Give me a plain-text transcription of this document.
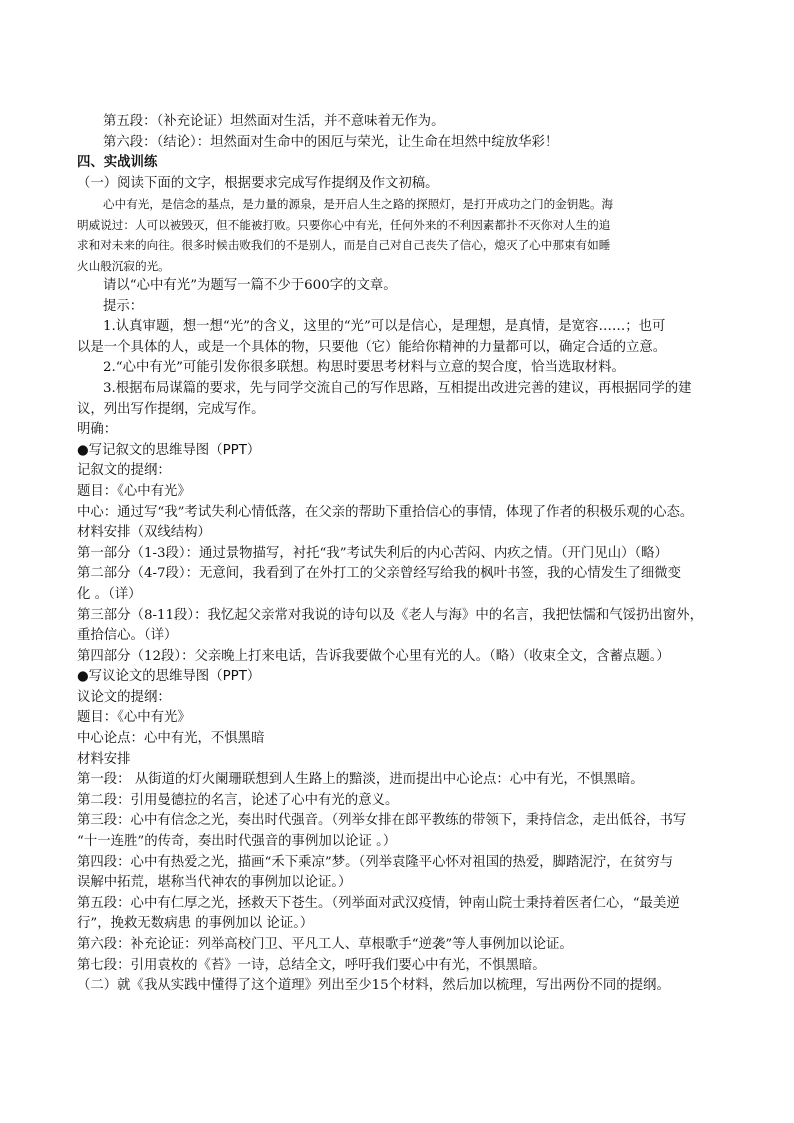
第五段：（补充论证）坦然面对生活，并不意味着无作为。
第六段：（结论）：坦然面对生命中的困厄与荣光，让生命在坦然中绽放华彩！
四、实战训练
（一）阅读下面的文字，根据要求完成写作提纲及作文初稿。
心中有光，是信念的基点，是力量的源泉，是开启人生之路的探照灯，是打开成功之门的金钥匙。海
明威说过：人可以被毁灭，但不能被打败。只要你心中有光，任何外来的不利因素都扑不灭你对人生的追
求和对未来的向往。很多时候击败我们的不是别人，而是自己对自己丧失了信心，熄灭了心中那束有如睡
火山般沉寂的光。
请以“心中有光”为题写一篇不少于600字的文章。
提示：
1.认真审题，想一想“光”的含义，这里的“光”可以是信心，是理想，是真情，是宽容……；也可
以是一个具体的人，或是一个具体的物，只要他（它）能给你精神的力量都可以，确定合适的立意。
2.“心中有光”可能引发你很多联想。构思时要思考材料与立意的契合度，恰当选取材料。
3.根据布局谋篇的要求，先与同学交流自己的写作思路，互相提出改进完善的建议，再根据同学的建
议，列出写作提纲，完成写作。
明确：
●写记叙文的思维导图（PPT）
记叙文的提纲：
题目：《心中有光》
中心：通过写“我”考试失利心情低落，在父亲的帮助下重拾信心的事情，体现了作者的积极乐观的心态。
材料安排（双线结构）
第一部分（1-3段）：通过景物描写，衬托“我”考试失利后的内心苦闷、内疚之情。（开门见山）（略）
第二部分（4-7段）：无意间，我看到了在外打工的父亲曾经写给我的枫叶书签，我的心情发生了细微变
化 。（详）
第三部分（8-11段）：我忆起父亲常对我说的诗句以及《老人与海》中的名言，我把怯懦和气馁扔出窗外，
重拾信心。（详）
第四部分（12段）：父亲晚上打来电话，告诉我要做个心里有光的人。（略）（收束全文，含蓄点题。）
●写议论文的思维导图（PPT）
议论文的提纲：
题目：《心中有光》
中心论点：心中有光，不惧黑暗
材料安排
第一段： 从街道的灯火阑珊联想到人生路上的黯淡，进而提出中心论点：心中有光，不惧黑暗。
第二段：引用曼德拉的名言，论述了心中有光的意义。
第三段：心中有信念之光，奏出时代强音。（列举女排在郎平教练的带领下，秉持信念，走出低谷，书写
“十一连胜”的传奇，奏出时代强音的事例加以论证 。）
第四段：心中有热爱之光，描画“禾下乘凉”梦。（列举袁隆平心怀对祖国的热爱，脚踏泥泞，在贫穷与
误解中拓荒，堪称当代神农的事例加以论证。）
第五段：心中有仁厚之光，拯救天下苍生。（列举面对武汉疫情，钟南山院士秉持着医者仁心，“最美逆
行”，挽救无数病患 的事例加以 论证。）
第六段：补充论证：列举高校门卫、平凡工人、草根歌手“逆袭”等人事例加以论证。
第七段：引用袁枚的《苔》一诗，总结全文，呼吁我们要心中有光，不惧黑暗。
（二）就《我从实践中懂得了这个道理》列出至少15个材料，然后加以梳理，写出两份不同的提纲。
